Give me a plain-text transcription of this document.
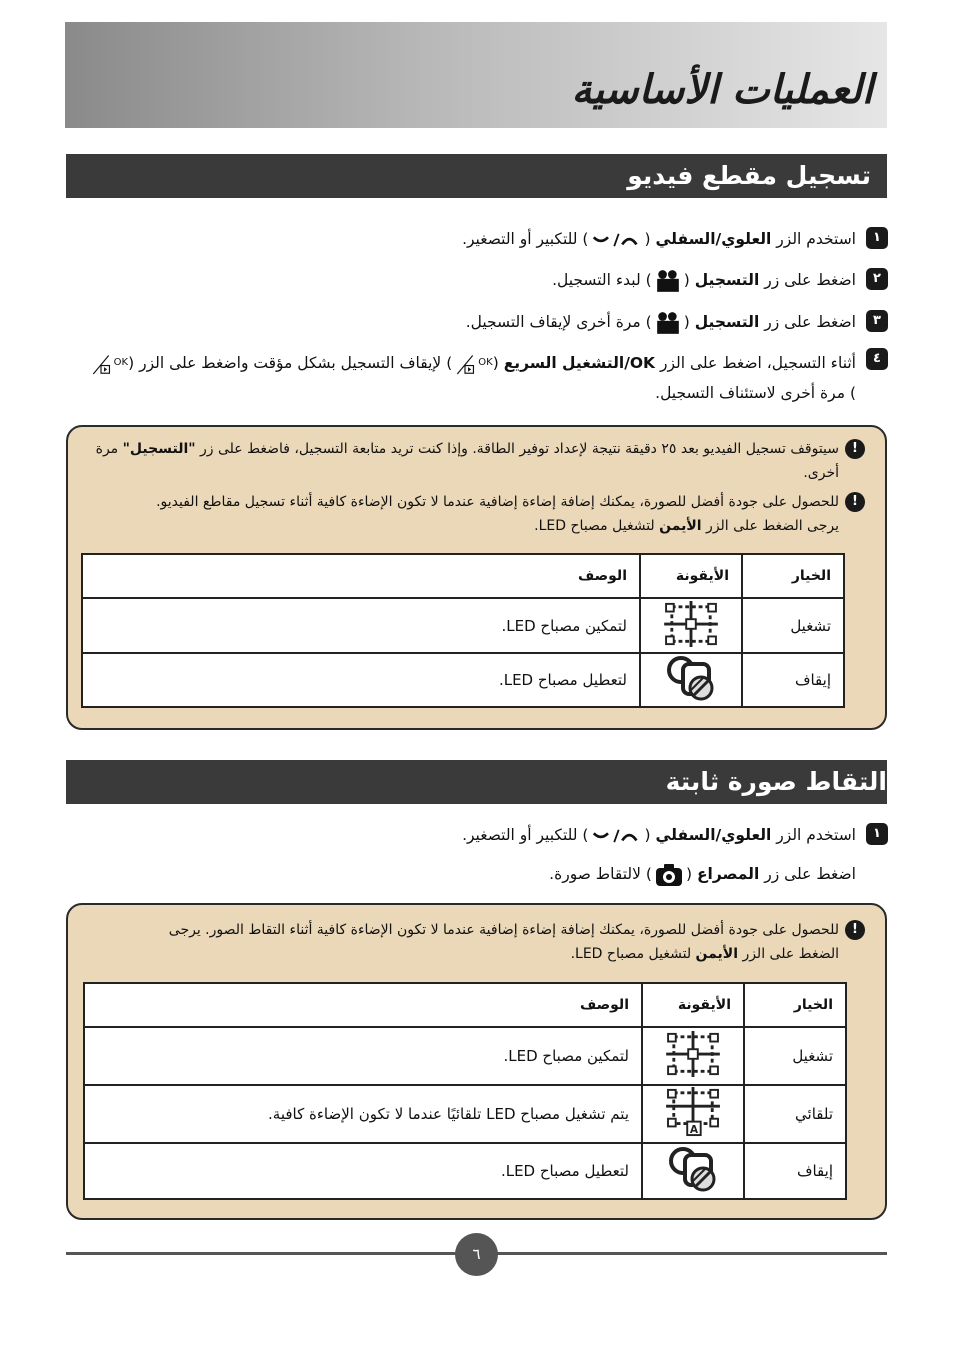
العمليات الأساسية
تسجيل مقطع فيديو
١
استخدم الزر العلوي/السفلي () للتكبير أو التصغير.
٢
اضغط على زر التسجيل () لبدء التسجيل.
٣
اضغط على زر التسجيل () مرة أخرى لإيقاف التسجيل.
٤
أثناء التسجيل، اضغط على الزر OK/التشغيل السريع ($^{OK}$) لإيقاف التسجيل بشكل مؤقت واضغط على الزر ($^{OK}$) مرة أخرى لاستئناف التسجيل.
!
سيتوقف تسجيل الفيديو بعد ٢٥ دقيقة نتيجة لإعداد توفير الطاقة. وإذا كنت تريد متابعة التسجيل، فاضغط على زر "التسجيل" مرة أخرى.
!
للحصول على جودة أفضل للصورة، يمكنك إضافة إضاءة إضافية عندما لا تكون الإضاءة كافية أثناء تسجيل مقاطع الفيديو.
يرجى الضغط على الزر الأيمن لتشغيل مصباح LED.
الخيار	الأيقونة	الوصف
تشغيل		لتمكين مصباح LED.
إيقاف		لتعطيل مصباح LED.
التقاط صورة ثابتة
١
استخدم الزر العلوي/السفلي () للتكبير أو التصغير.
اضغط على زر المصراع () لالتقاط صورة.
!
للحصول على جودة أفضل للصورة، يمكنك إضافة إضاءة إضافية عندما لا تكون الإضاءة كافية أثناء التقاط الصور. يرجى
الضغط على الزر الأيمن لتشغيل مصباح LED.
الخيار	الأيقونة	الوصف
تشغيل		لتمكين مصباح LED.
تلقائي		يتم تشغيل مصباح LED تلقائيًا عندما لا تكون الإضاءة كافية.
إيقاف		لتعطيل مصباح LED.
٦
